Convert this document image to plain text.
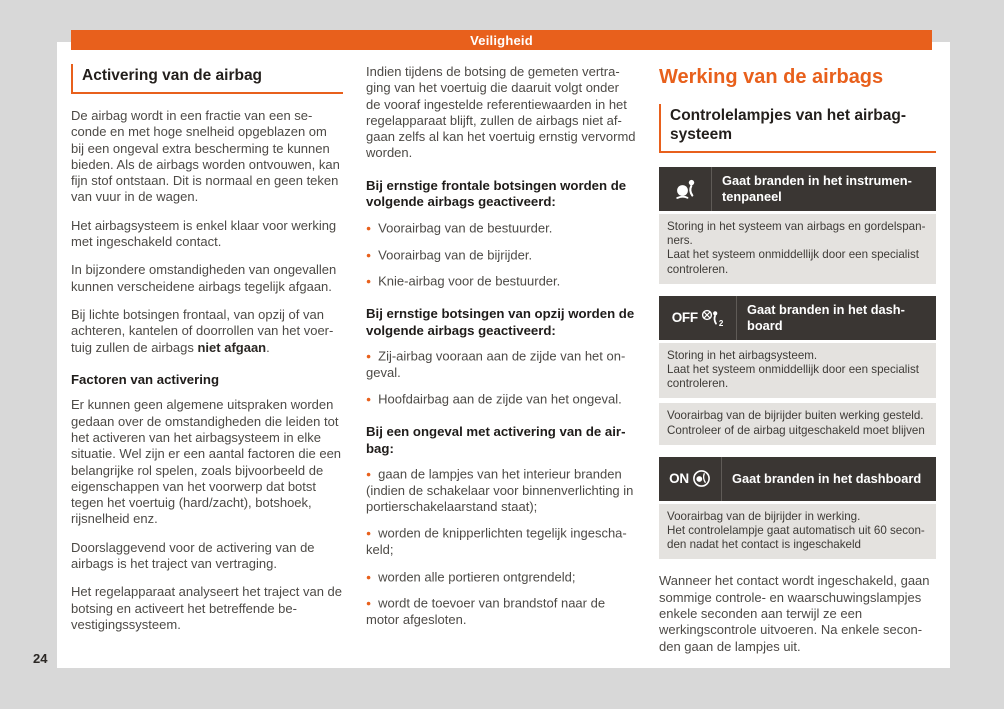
Activering van de airbag

De airbag wordt in een fractie van een seconde en met hoge snelheid opgeblazen om bij een ongeval extra bescherming te kunnen bieden. Als de airbags worden ontvouwen, kan fijn stof ontstaan. Dit is normaal en geen teken van vuur in de wagen.

Het airbagsysteem is enkel klaar voor werking met ingeschakeld contact.

In bijzondere omstandigheden van ongevallen kunnen verscheidene airbags tegelijk afgaan.

Bij lichte botsingen frontaal, van opzij of van achteren, kantelen of doorrollen van het voertuig zullen de airbags niet afgaan.

Factoren van activering

Er kunnen geen algemene uitspraken worden gedaan over de omstandigheden die leiden tot het activeren van het airbagsysteem in elke situatie. Wel zijn er een aantal factoren die een belangrijke rol spelen, zoals bijvoorbeeld de eigenschappen van het voorwerp dat botst tegen het voertuig (hard/zacht), botshoek, rijsnelheid enz.

Doorslaggevend voor de activering van de airbags is het traject van vertraging.

Het regelapparaat analyseert het traject van de botsing en activeert het betreffende bevestigingssysteem.

Indien tijdens de botsing de gemeten vertraging van het voertuig die daaruit volgt onder de vooraf ingestelde referentiewaarden in het regelapparaat blijft, zullen de airbags niet afgaan zelfs al kan het voertuig ernstig vervormd worden.

Bij ernstige frontale botsingen worden de volgende airbags geactiveerd:
● Voorairbag van de bestuurder.
● Voorairbag van de bijrijder.
● Knie-airbag voor de bestuurder.
Bij ernstige botsingen van opzij worden de volgende airbags geactiveerd:
● Zij-airbag vooraan aan de zijde van het ongeval.
● Hoofdairbag aan de zijde van het ongeval.
Bij een ongeval met activering van de airbag:
● gaan de lampjes van het interieur branden (indien de schakelaar voor binnenverlichting in portierschakelaarstand staat);
● worden de knipperlichten tegelijk ingeschakeld;
● worden alle portieren ontgrendeld;
● wordt de toevoer van brandstof naar de motor afgesloten.
Werking van de airbags
Controlelampjes van het airbagsysteem
Gaat branden in het instrumentenpaneel
Storing in het systeem van airbags en gordelspanners.
Laat het systeem onmiddellijk door een specialist controleren.
OFF	2
Gaat branden in het dashboard
Storing in het airbagsysteem.
Laat het systeem onmiddellijk door een specialist controleren.
Voorairbag van de bijrijder buiten werking gesteld.
Controleer of de airbag uitgeschakeld moet blijven
ON	Gaat branden in het dashboard
Voorairbag van de bijrijder in werking.
Het controlelampje gaat automatisch uit 60 seconden nadat het contact is ingeschakeld

Wanneer het contact wordt ingeschakeld, gaan sommige controle- en waarschuwingslampjes enkele seconden aan terwijl ze een werkingscontrole uitvoeren. Na enkele seconden gaan de lampjes uit.

Veiligheid
24
